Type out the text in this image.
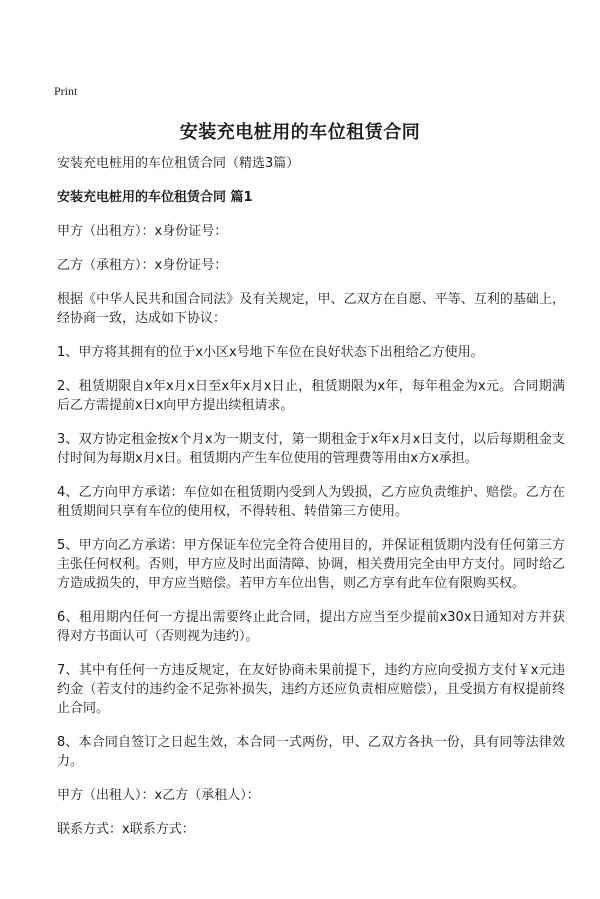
Print
安装充电桩用的车位租赁合同

安装充电桩用的车位租赁合同（精选3篇）

安装充电桩用的车位租赁合同 篇1

甲方（出租方）：x身份证号：

乙方（承租方）：x身份证号：

根据《中华人民共和国合同法》及有关规定，甲、乙双方在自愿、平等、互利的基础上，经协商一致，达成如下协议：

1、甲方将其拥有的位于x小区x号地下车位在良好状态下出租给乙方使用。

2、租赁期限自x年x月x日至x年x月x日止，租赁期限为x年，每年租金为x元。合同期满后乙方需提前x日x向甲方提出续租请求。

3、双方协定租金按x个月x为一期支付，第一期租金于x年x月x日支付，以后每期租金支付时间为每期x月x日。租赁期内产生车位使用的管理费等用由x方x承担。

4、乙方向甲方承诺：车位如在租赁期内受到人为毁损，乙方应负责维护、赔偿。乙方在租赁期间只享有车位的使用权，不得转租、转借第三方使用。

5、甲方向乙方承诺：甲方保证车位完全符合使用目的，并保证租赁期内没有任何第三方主张任何权利。否则，甲方应及时出面清障、协调，相关费用完全由甲方支付。同时给乙方造成损失的，甲方应当赔偿。若甲方车位出售，则乙方享有此车位有限购买权。

6、租用期内任何一方提出需要终止此合同，提出方应当至少提前x30x日通知对方并获得对方书面认可（否则视为违约）。

7、其中有任何一方违反规定，在友好协商未果前提下，违约方应向受损方支付￥x元违约金（若支付的违约金不足弥补损失，违约方还应负责相应赔偿），且受损方有权提前终止合同。

8、本合同自签订之日起生效，本合同一式两份，甲、乙双方各执一份，具有同等法律效力。

甲方（出租人）：x乙方（承租人）：

联系方式：x联系方式：
